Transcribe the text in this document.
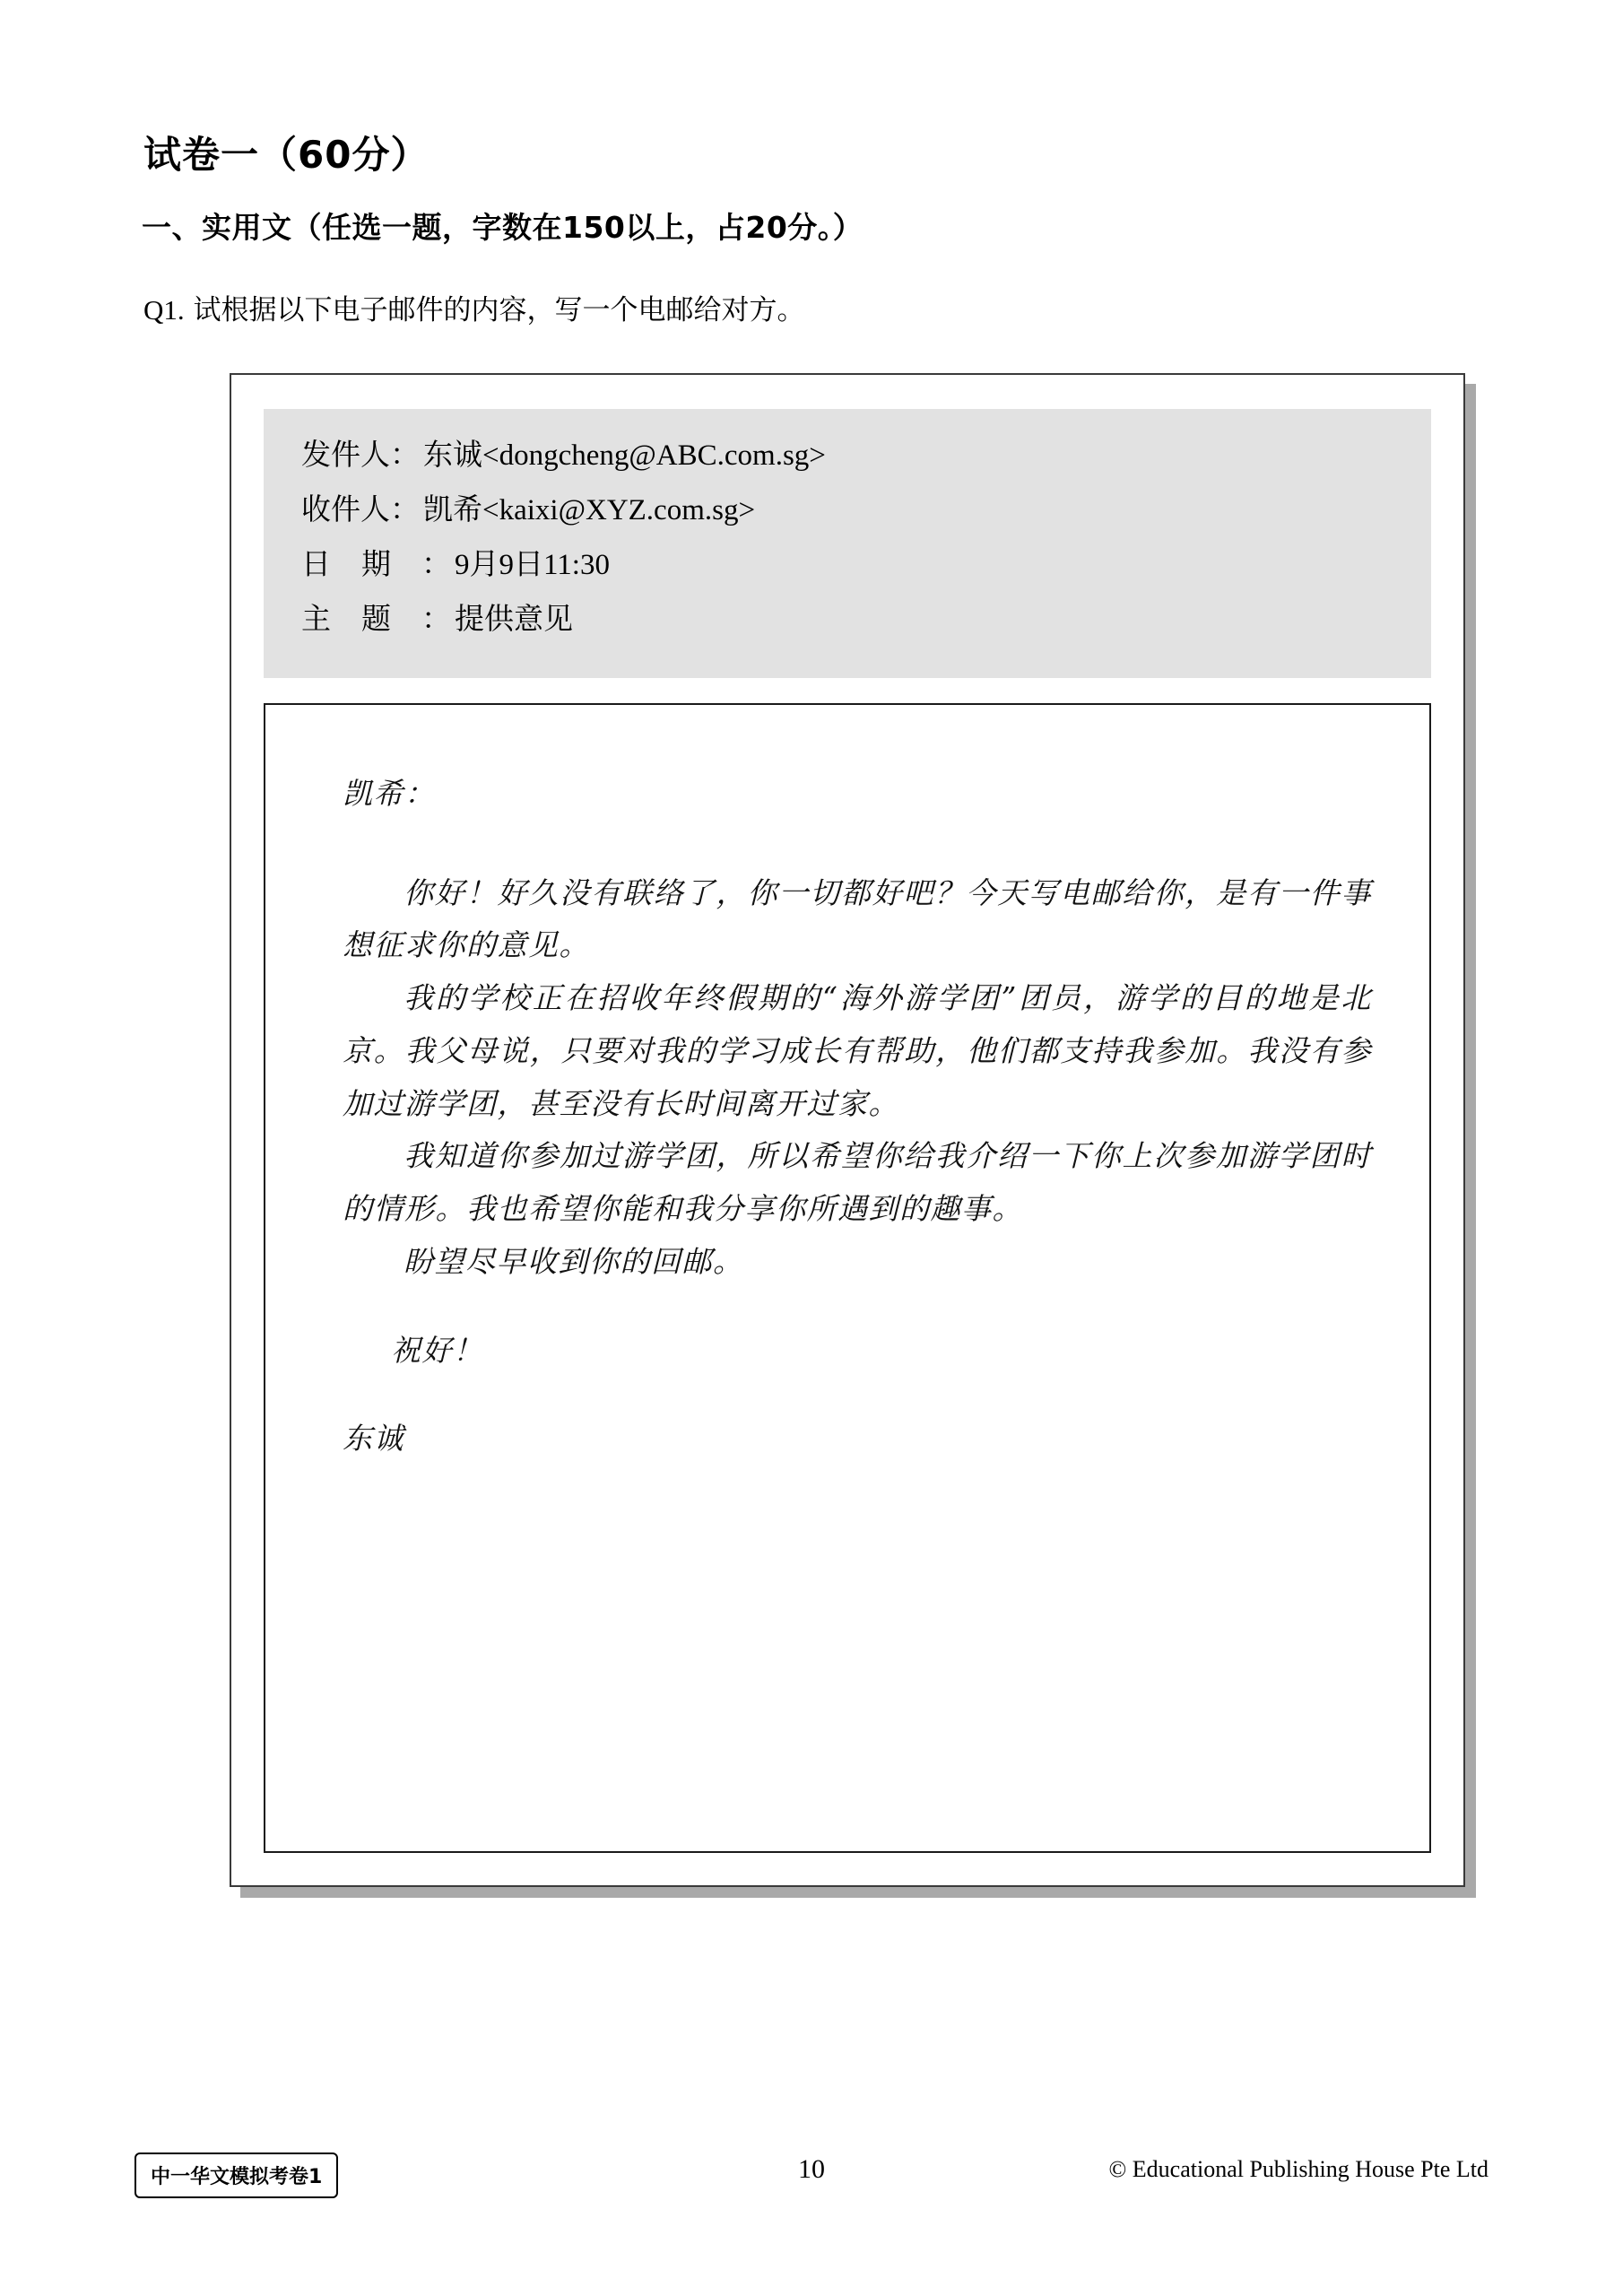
试卷一（60分）
一、实用文（任选一题，字数在150以上，占20分。）
Q1. 试根据以下电子邮件的内容，写一个电邮给对方。
发件人 ： 东诚<dongcheng@ABC.com.sg>
收件人 ： 凯希<kaixi@XYZ.com.sg>
日期 ： 9月9日11:30
主题 ： 提供意见
凯希：
你好！好久没有联络了，你一切都好吧？今天写电邮给你，是有一件事想征求你的意见。
我的学校正在招收年终假期的“海外游学团”团员，游学的目的地是北京。我父母说，只要对我的学习成长有帮助，他们都支持我参加。我没有参加过游学团，甚至没有长时间离开过家。
我知道你参加过游学团，所以希望你给我介绍一下你上次参加游学团时的情形。我也希望你能和我分享你所遇到的趣事。
盼望尽早收到你的回邮。
祝好！
东诚
中一华文模拟考卷1	10	© Educational Publishing House Pte Ltd
